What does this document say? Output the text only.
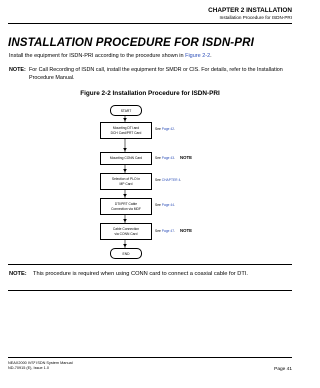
CHAPTER 2 INSTALLATION
Installation Procedure for ISDN-PRI
INSTALLATION PROCEDURE FOR ISDN-PRI
Install the equipment for ISDN-PRI according to the procedure shown in Figure 2-2.
NOTE: For Call Recording of ISDN call, install the equipment for SMDR or CIS. For details, refer to the Installation Procedure Manual.
Figure 2-2 Installation Procedure for ISDN-PRI
START
Mounting DTI and
DCH Card/PRT Card
See Page 42.
Mounting CONN Card	See Page 43. NOTE
Selection of PLO in
MP Card
See CHAPTER 4.
DTI/PRT Cable
Connection via MDF
See Page 44.
Cable Connection
via CONN Card
See Page 47. NOTE
END
NOTE: This procedure is required when using CONN card to connect a coaxial cable for DTI.
NEAX2000 IVS² ISDN System Manual
ND-70915 (E), Issue 1.0	Page 41
